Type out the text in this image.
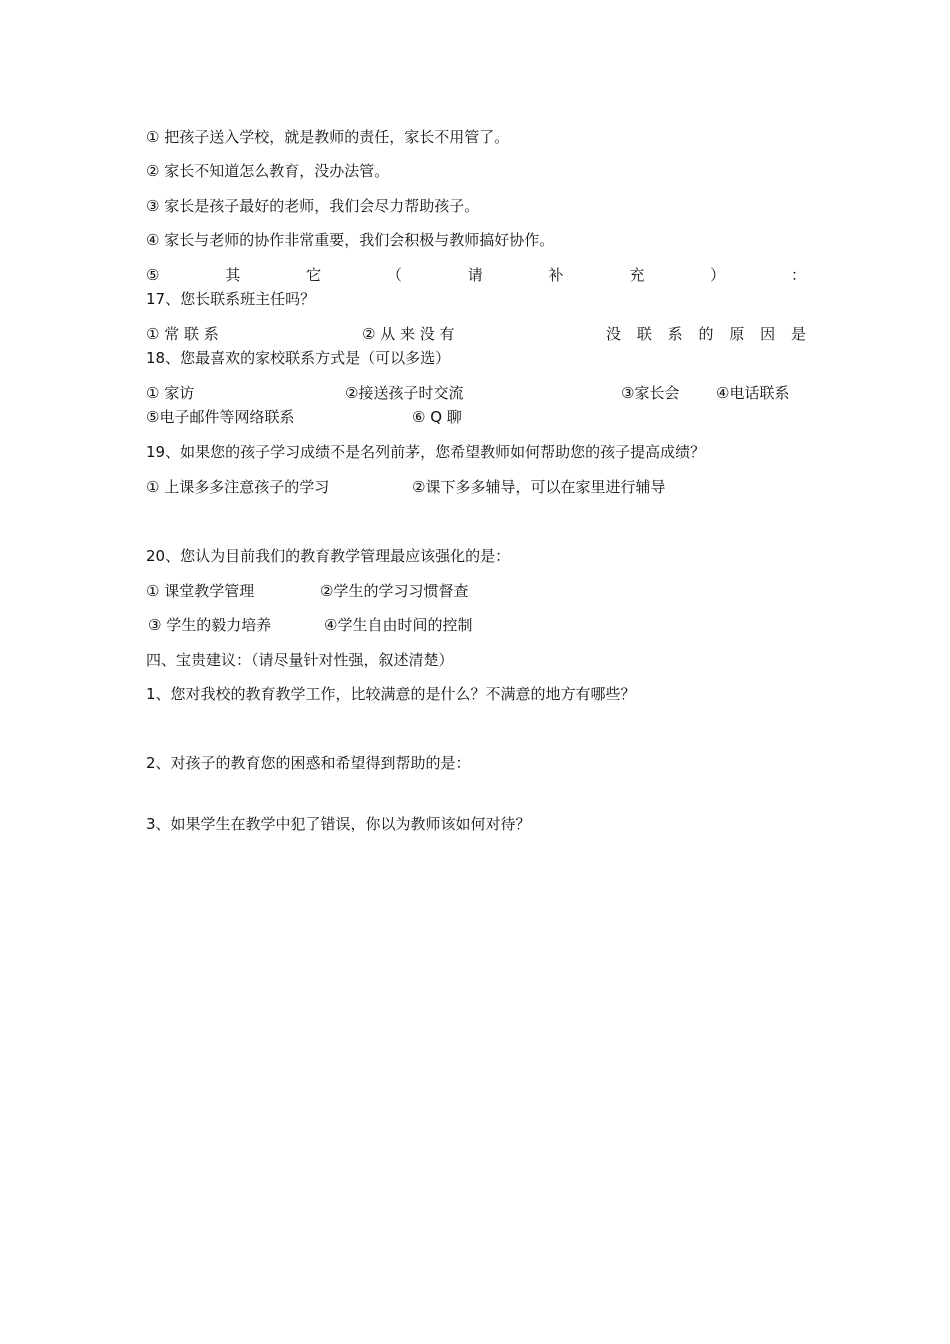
① 把孩子送入学校，就是教师的责任，家长不用管了。
② 家长不知道怎么教育，没办法管。
③ 家长是孩子最好的老师，我们会尽力帮助孩子。
④ 家长与老师的协作非常重要，我们会积极与教师搞好协作。
⑤	其	它	（	请	补	充	）	：
17、您长联系班主任吗？
① 常 联 系	② 从 来 没 有	没 联 系 的 原 因 是
18、您最喜欢的家校联系方式是（可以多选）
① 家访	②接送孩子时交流	③家长会 ④电话联系
⑤电子邮件等网络联系	⑥ Q 聊
19、如果您的孩子学习成绩不是名列前茅，您希望教师如何帮助您的孩子提高成绩？
① 上课多多注意孩子的学习	②课下多多辅导，可以在家里进行辅导
20、您认为目前我们的教育教学管理最应该强化的是：
① 课堂教学管理	②学生的学习习惯督查
③ 学生的毅力培养	④学生自由时间的控制
四、宝贵建议：（请尽量针对性强，叙述清楚）
1、您对我校的教育教学工作，比较满意的是什么？不满意的地方有哪些？
2、对孩子的教育您的困惑和希望得到帮助的是：
3、如果学生在教学中犯了错误，你以为教师该如何对待？
